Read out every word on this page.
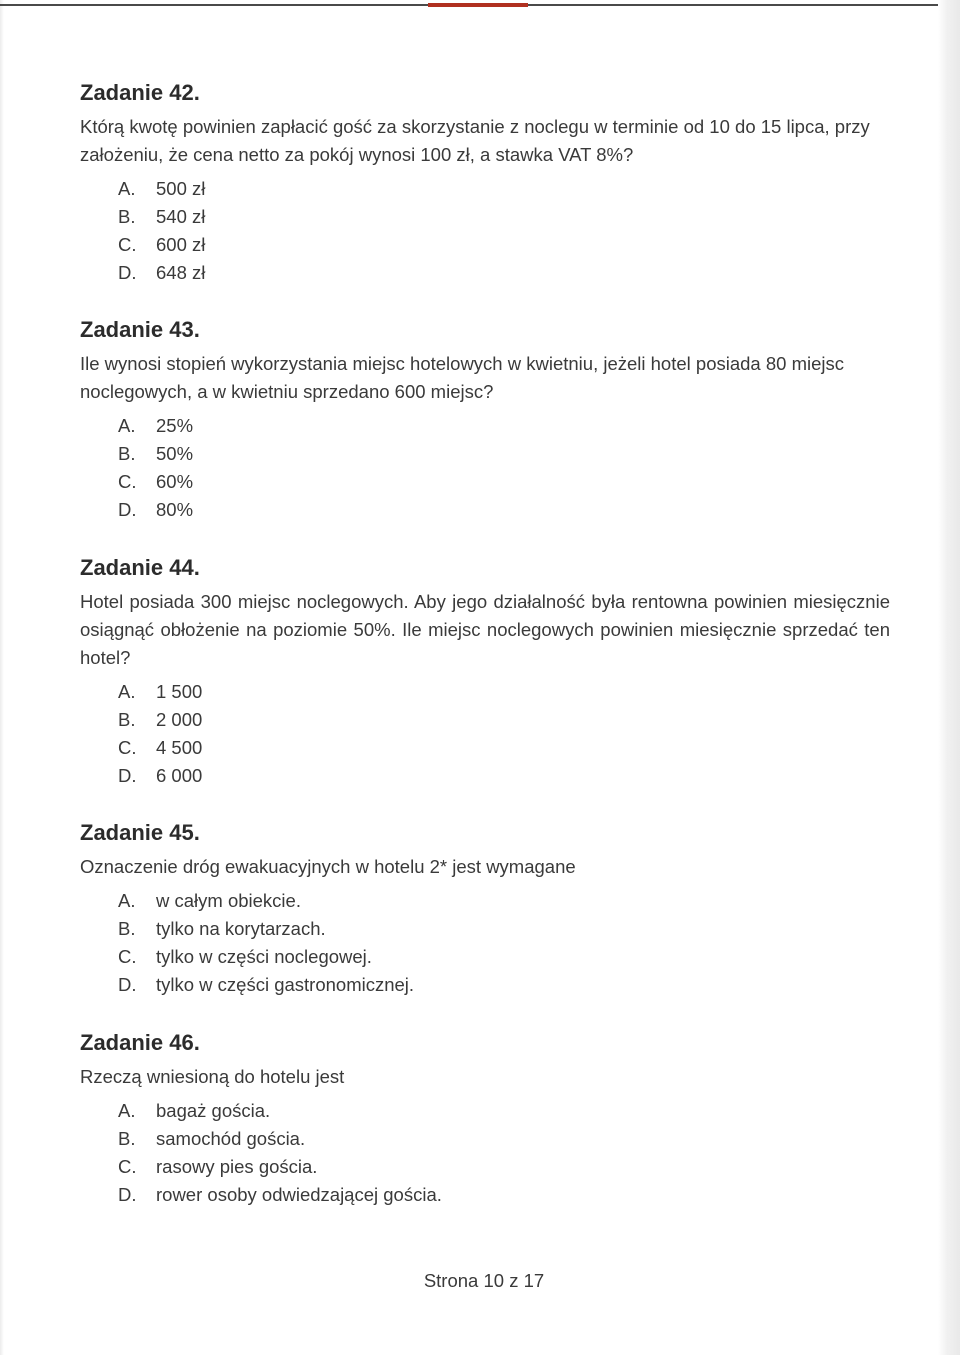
Zadanie 42.

Którą kwotę powinien zapłacić gość za skorzystanie z noclegu w terminie od 10 do 15 lipca, przy założeniu, że cena netto za pokój wynosi 100 zł, a stawka VAT 8%?

A.	500 zł
B.	540 zł
C.	600 zł
D.	648 zł
Zadanie 43.

Ile wynosi stopień wykorzystania miejsc hotelowych w kwietniu, jeżeli hotel posiada 80 miejsc noclegowych, a w kwietniu sprzedano 600 miejsc?

A.	25%
B.	50%
C.	60%
D.	80%
Zadanie 44.

Hotel posiada 300 miejsc noclegowych. Aby jego działalność była rentowna powinien miesięcznie osiągnąć obłożenie na poziomie 50%. Ile miejsc noclegowych powinien miesięcznie sprzedać ten hotel?

A.	1 500
B.	2 000
C.	4 500
D.	6 000
Zadanie 45.

Oznaczenie dróg ewakuacyjnych w hotelu 2* jest wymagane

A.	w całym obiekcie.
B.	tylko na korytarzach.
C.	tylko w części noclegowej.
D.	tylko w części gastronomicznej.
Zadanie 46.

Rzeczą wniesioną do hotelu jest

A.	bagaż gościa.
B.	samochód gościa.
C.	rasowy pies gościa.
D.	rower osoby odwiedzającej gościa.
Strona 10 z 17
